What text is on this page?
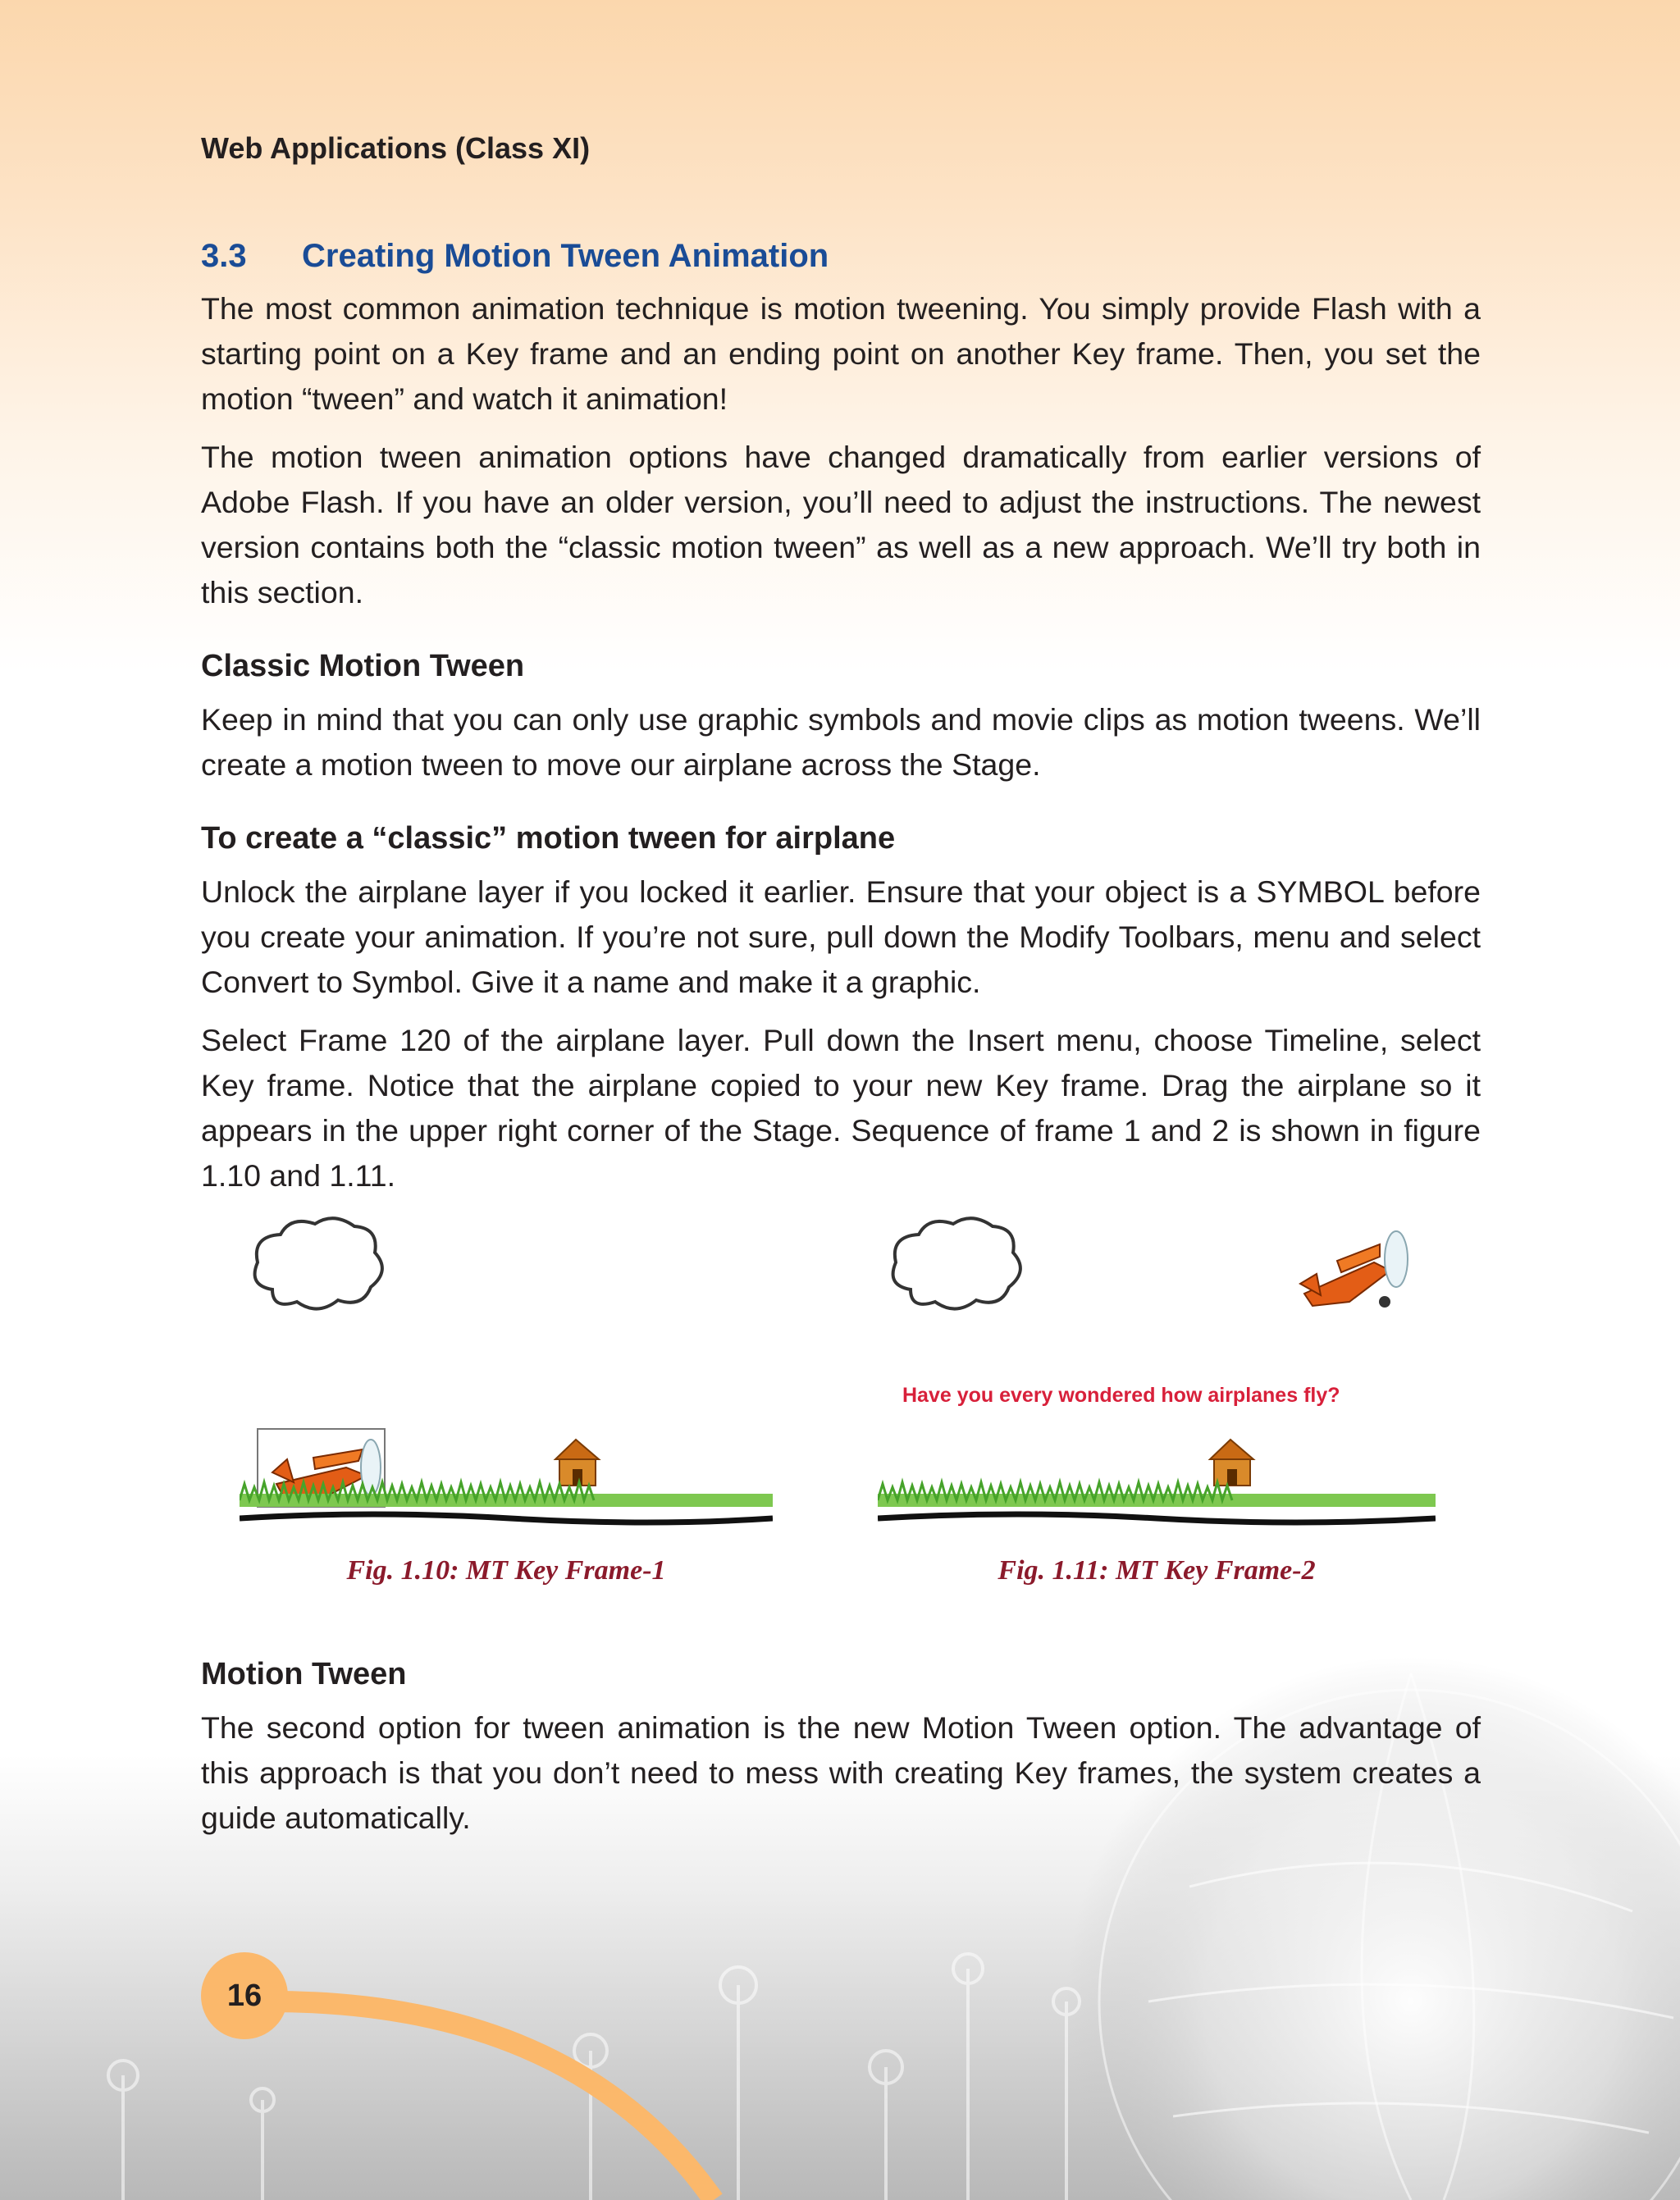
Web Applications (Class XI)
3.3	Creating Motion Tween Animation

The most common animation technique is motion tweening. You simply provide Flash with a starting point on a Key frame and an ending point on another Key frame. Then, you set the motion “tween” and watch it animation!

The motion tween animation options have changed dramatically from earlier versions of Adobe Flash. If you have an older version, you’ll need to adjust the instructions. The newest version contains both the “classic motion tween” as well as a new approach. We’ll try both in this section.

Classic Motion Tween

Keep in mind that you can only use graphic symbols and movie clips as motion tweens. We’ll create a motion tween to move our airplane across the Stage.

To create a “classic” motion tween for airplane

Unlock the airplane layer if you locked it earlier. Ensure that your object is a SYMBOL before you create your animation. If you’re not sure, pull down the Modify Toolbars, menu and select Convert to Symbol. Give it a name and make it a graphic.

Select Frame 120 of the airplane layer. Pull down the Insert menu, choose Timeline, select Key frame. Notice that the airplane copied to your new Key frame. Drag the airplane so it appears in the upper right corner of the Stage. Sequence of frame 1 and 2 is shown in figure 1.10 and 1.11.

Fig. 1.10: MT Key Frame-1
Have you every wondered how airplanes fly?
Fig. 1.11: MT Key Frame-2
Motion Tween

The second option for tween animation is the new Motion Tween option. The advantage of this approach is that you don’t need to mess with creating Key frames, the system creates a guide automatically.

16
